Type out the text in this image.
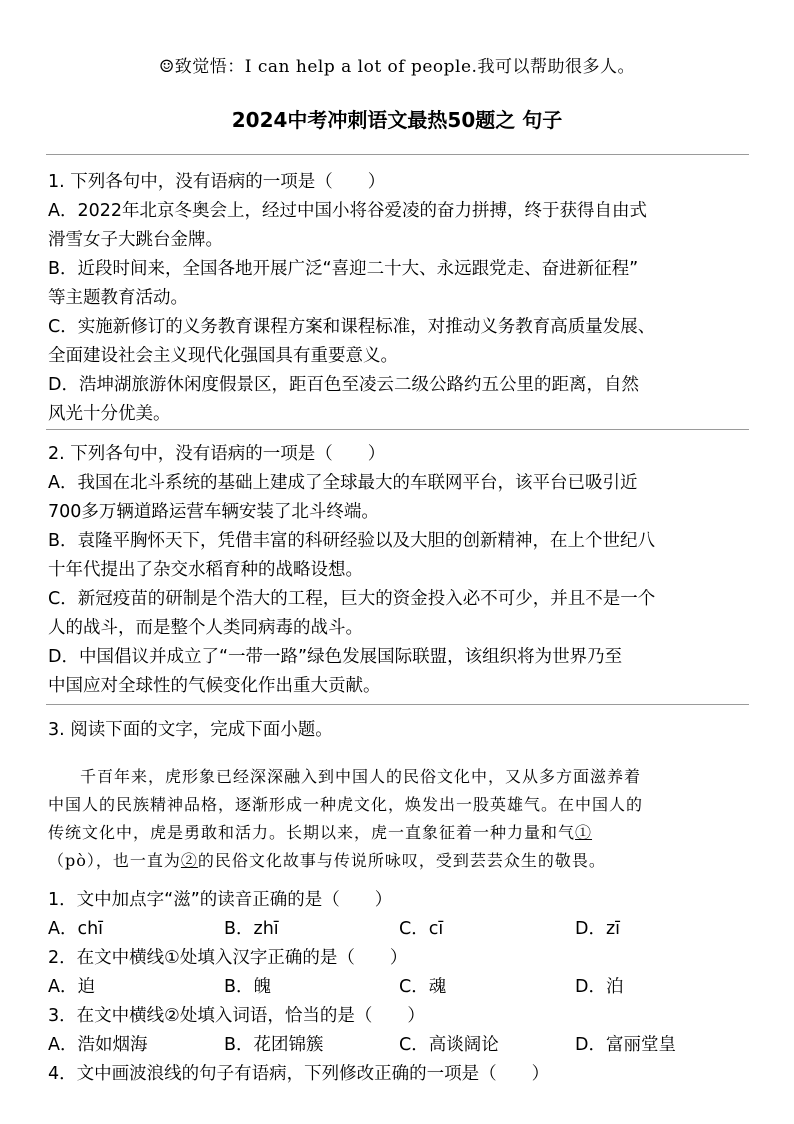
☺致觉悟：I can help a lot of people.我可以帮助很多人。
2024中考冲刺语文最热50题之 句子

1. 下列各句中，没有语病的一项是（　　）

A．2022年北京冬奥会上，经过中国小将谷爱凌的奋力拼搏，终于获得自由式

滑雪女子大跳台金牌。

B．近段时间来，全国各地开展广泛“喜迎二十大、永远跟党走、奋进新征程”

等主题教育活动。

C．实施新修订的义务教育课程方案和课程标准，对推动义务教育高质量发展、

全面建设社会主义现代化强国具有重要意义。

D．浩坤湖旅游休闲度假景区，距百色至凌云二级公路约五公里的距离，自然

风光十分优美。

2. 下列各句中，没有语病的一项是（　　）

A．我国在北斗系统的基础上建成了全球最大的车联网平台，该平台已吸引近

700多万辆道路运营车辆安装了北斗终端。

B．袁隆平胸怀天下，凭借丰富的科研经验以及大胆的创新精神，在上个世纪八

十年代提出了杂交水稻育种的战略设想。

C．新冠疫苗的研制是个浩大的工程，巨大的资金投入必不可少，并且不是一个

人的战斗，而是整个人类同病毒的战斗。

D．中国倡议并成立了“一带一路”绿色发展国际联盟，该组织将为世界乃至

中国应对全球性的气候变化作出重大贡献。

3. 阅读下面的文字，完成下面小题。

千百年来，虎形象已经深深融入到中国人的民俗文化中，又从多方面滋养着

中国人的民族精神品格，逐渐形成一种虎文化，焕发出一股英雄气。在中国人的

传统文化中，虎是勇敢和活力。长期以来，虎一直象征着一种力量和气①

（pò），也一直为②的民俗文化故事与传说所咏叹，受到芸芸众生的敬畏。

1．文中加点字“滋”的读音正确的是（　　）

A．chī	B．zhī	C．cī	D．zī

2．在文中横线①处填入汉字正确的是（　　）

A．迫	B．魄	C．魂	D．泊

3．在文中横线②处填入词语，恰当的是（　　）

A．浩如烟海	B．花团锦簇	C．高谈阔论	D．富丽堂皇

4．文中画波浪线的句子有语病，下列修改正确的一项是（　　）
